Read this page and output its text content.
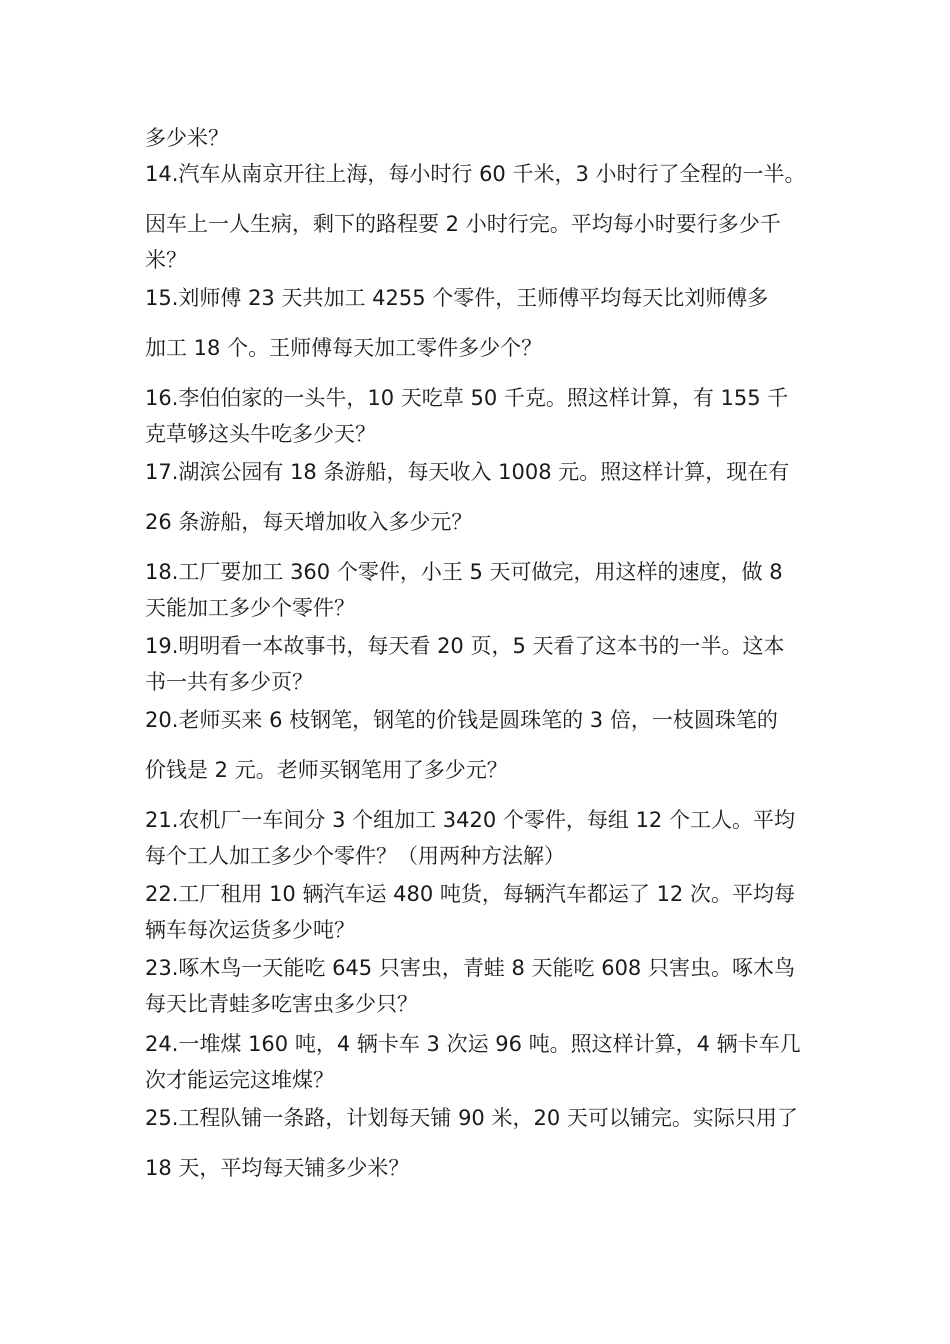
多少米？

14.汽车从南京开往上海，每小时行 60 千米，3 小时行了全程的一半。

因车上一人生病，剩下的路程要 2 小时行完。平均每小时要行多少千

米？

15.刘师傅 23 天共加工 4255 个零件，王师傅平均每天比刘师傅多

加工 18 个。王师傅每天加工零件多少个？

16.李伯伯家的一头牛，10 天吃草 50 千克。照这样计算，有 155 千

克草够这头牛吃多少天？

17.湖滨公园有 18 条游船，每天收入 1008 元。照这样计算，现在有

26 条游船，每天增加收入多少元？

18.工厂要加工 360 个零件，小王 5 天可做完，用这样的速度，做 8

天能加工多少个零件？

19.明明看一本故事书，每天看 20 页，5 天看了这本书的一半。这本

书一共有多少页？

20.老师买来 6 枝钢笔，钢笔的价钱是圆珠笔的 3 倍，一枝圆珠笔的

价钱是 2 元。老师买钢笔用了多少元？

21.农机厂一车间分 3 个组加工 3420 个零件，每组 12 个工人。平均

每个工人加工多少个零件？（用两种方法解）

22.工厂租用 10 辆汽车运 480 吨货，每辆汽车都运了 12 次。平均每

辆车每次运货多少吨？

23.啄木鸟一天能吃 645 只害虫，青蛙 8 天能吃 608 只害虫。啄木鸟

每天比青蛙多吃害虫多少只？

24.一堆煤 160 吨，4 辆卡车 3 次运 96 吨。照这样计算，4 辆卡车几

次才能运完这堆煤？

25.工程队铺一条路，计划每天铺 90 米，20 天可以铺完。实际只用了

18 天，平均每天铺多少米？
